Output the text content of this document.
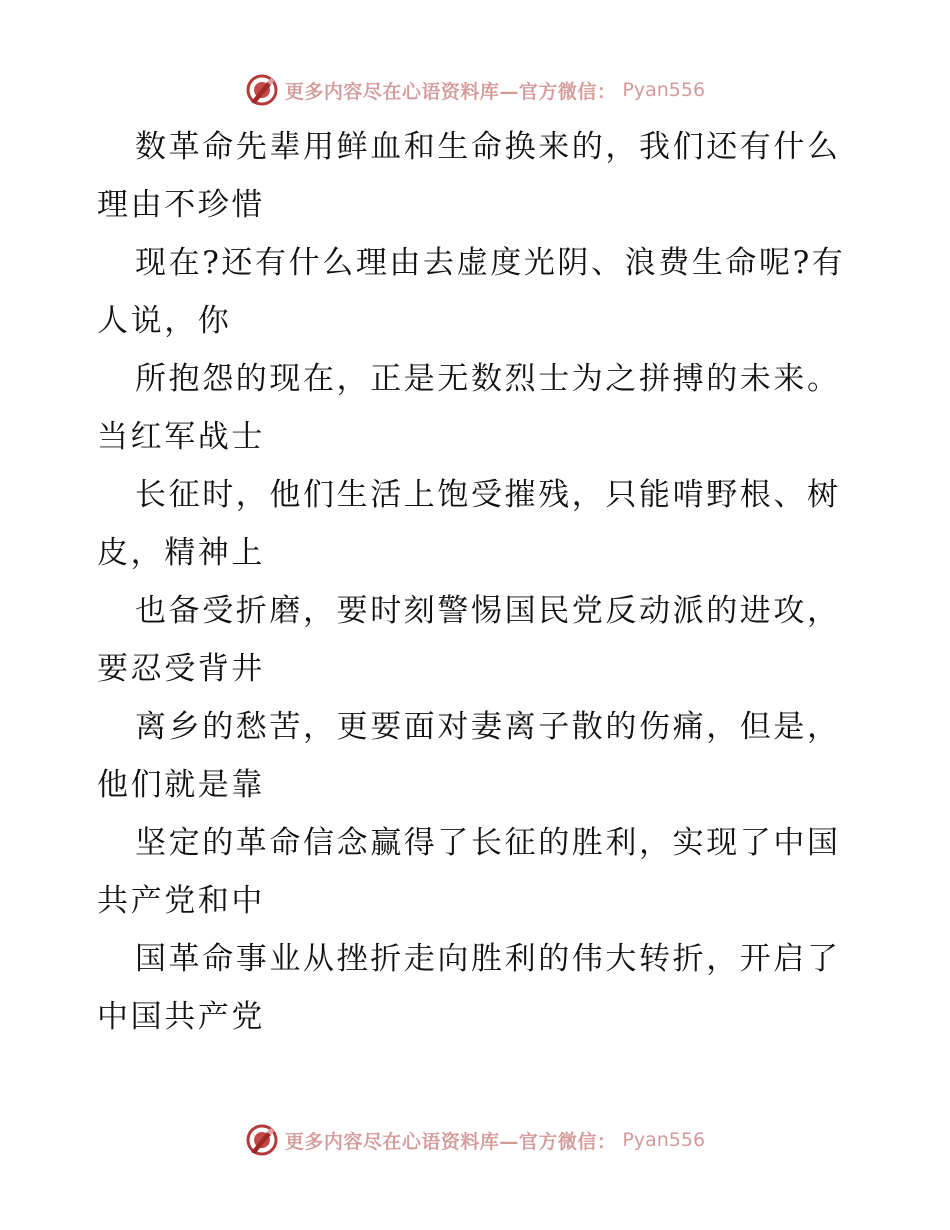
更多内容尽在心语资料库—官方微信： Pyan556
数革命先辈用鲜血和生命换来的，我们还有什么
理由不珍惜
现在?还有什么理由去虚度光阴、浪费生命呢?有
人说，你
所抱怨的现在，正是无数烈士为之拼搏的未来。
当红军战士
长征时，他们生活上饱受摧残，只能啃野根、树
皮，精神上
也备受折磨，要时刻警惕国民党反动派的进攻，
要忍受背井
离乡的愁苦，更要面对妻离子散的伤痛，但是，
他们就是靠
坚定的革命信念赢得了长征的胜利，实现了中国
共产党和中
国革命事业从挫折走向胜利的伟大转折，开启了
中国共产党
更多内容尽在心语资料库—官方微信： Pyan556
